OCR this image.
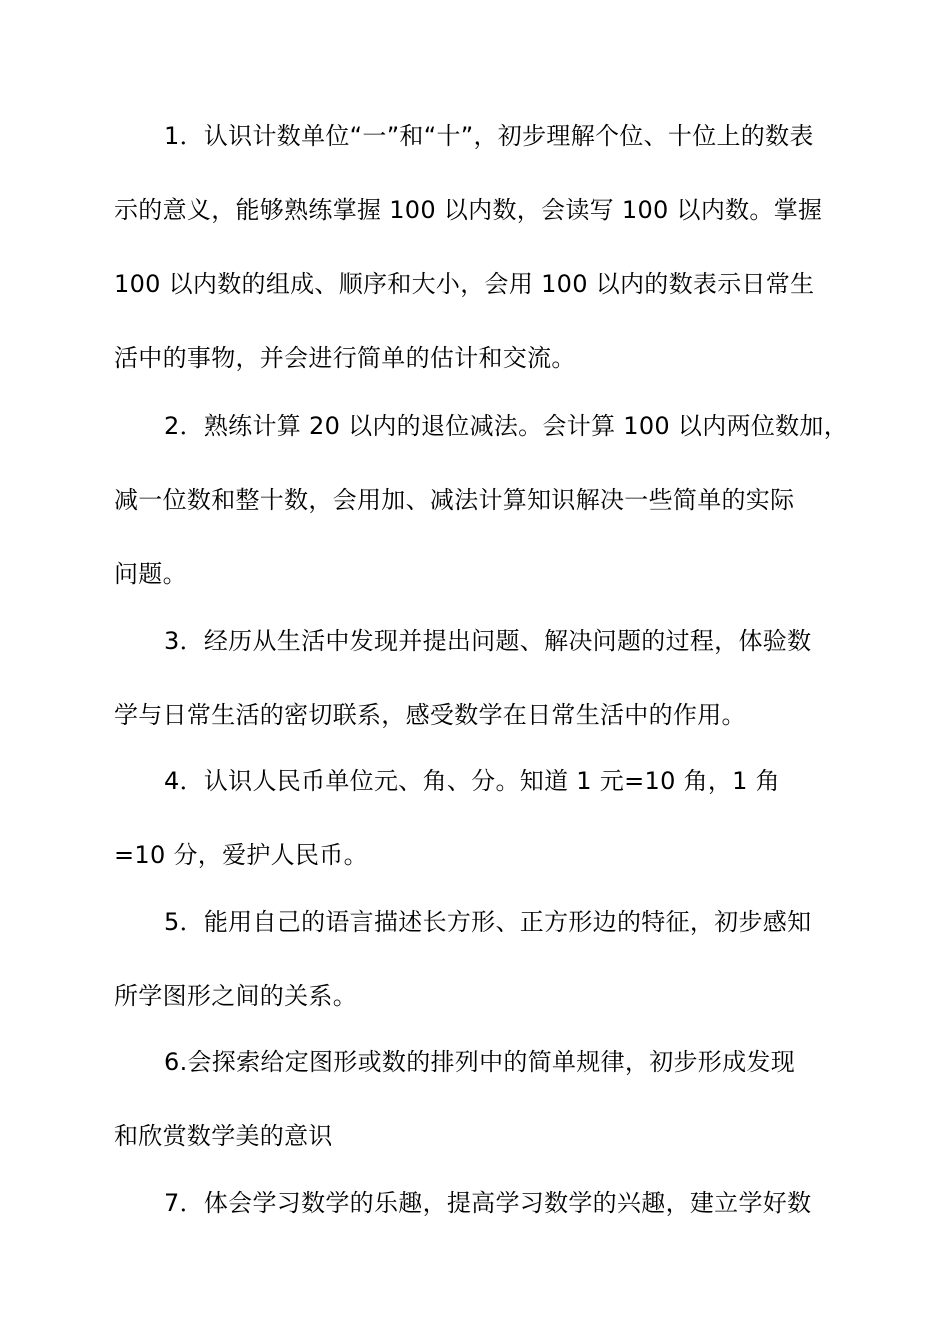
1．认识计数单位“一”和“十”，初步理解个位、十位上的数表
示的意义，能够熟练掌握 100 以内数，会读写 100 以内数。掌握
100 以内数的组成、顺序和大小，会用 100 以内的数表示日常生
活中的事物，并会进行简单的估计和交流。
2．熟练计算 20 以内的退位减法。会计算 100 以内两位数加，
减一位数和整十数，会用加、减法计算知识解决一些简单的实际
问题。
3．经历从生活中发现并提出问题、解决问题的过程，体验数
学与日常生活的密切联系，感受数学在日常生活中的作用。
4．认识人民币单位元、角、分。知道 1 元=10 角，1 角
=10 分，爱护人民币。
5．能用自己的语言描述长方形、正方形边的特征，初步感知
所学图形之间的关系。
6.会探索给定图形或数的排列中的简单规律，初步形成发现
和欣赏数学美的意识
7．体会学习数学的乐趣，提高学习数学的兴趣，建立学好数
